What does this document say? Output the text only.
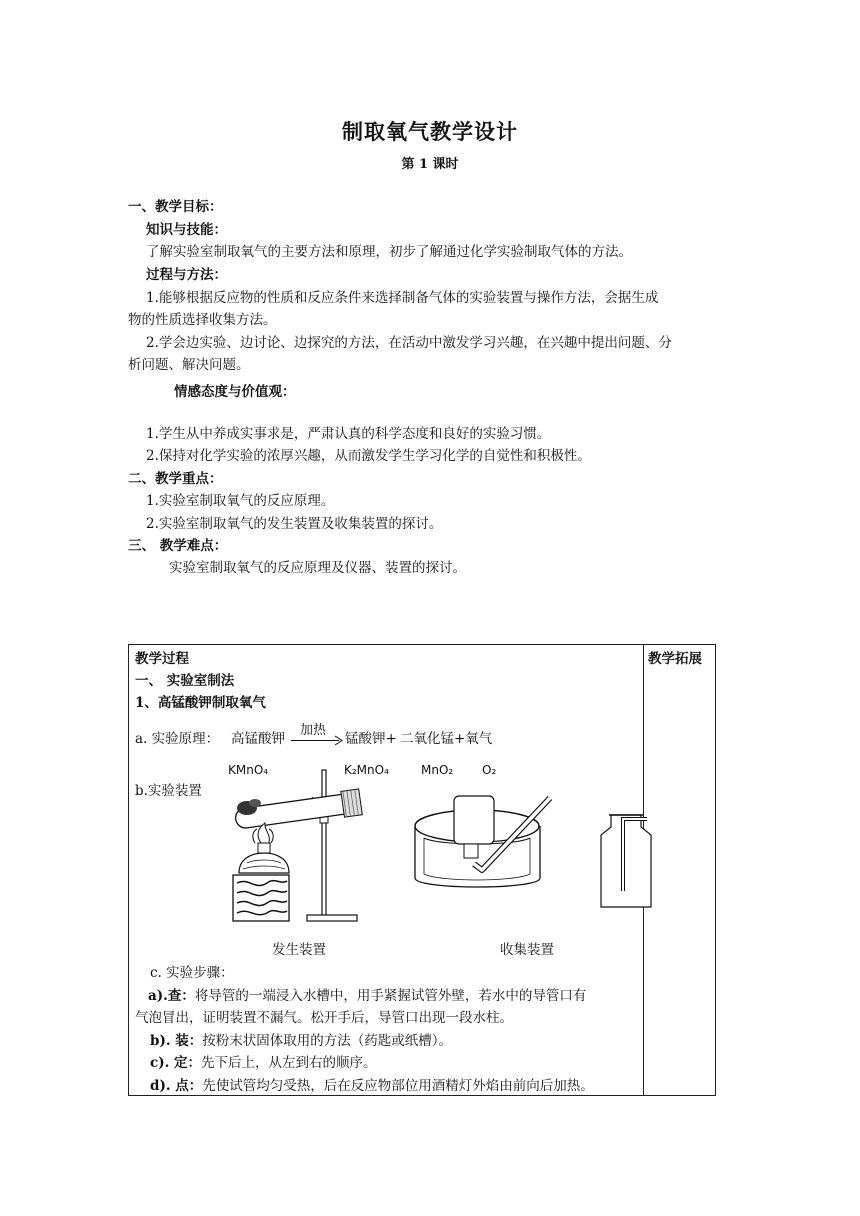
制取氧气教学设计
第 1 课时
一、教学目标：
知识与技能：
了解实验室制取氧气的主要方法和原理，初步了解通过化学实验制取气体的方法。
过程与方法：
1.能够根据反应物的性质和反应条件来选择制备气体的实验装置与操作方法，会据生成
物的性质选择收集方法。
2.学会边实验、边讨论、边探究的方法，在活动中激发学习兴趣，在兴趣中提出问题、分
析问题、解决问题。
情感态度与价值观：
1.学生从中养成实事求是，严肃认真的科学态度和良好的实验习惯。
2.保持对化学实验的浓厚兴趣，从而激发学生学习化学的自觉性和积极性。
二、教学重点：
1.实验室制取氧气的反应原理。
2.实验室制取氧气的发生装置及收集装置的探讨。
三、 教学难点：
实验室制取氧气的反应原理及仪器、装置的探讨。
教学过程	教学拓展
一、 实验室制法
1、高锰酸钾制取氧气
a. 实验原理： 高锰酸钾
加热
锰酸钾+ 二氧化锰+氧气
KMnO₄	K₂MnO₄	MnO₂ O₂
b.实验装置
发生装置	收集装置
c. 实验步骤：
a).查：将导管的一端浸入水槽中，用手紧握试管外壁，若水中的导管口有
气泡冒出，证明装置不漏气。松开手后，导管口出现一段水柱。
b). 装：按粉末状固体取用的方法（药匙或纸槽）。
c). 定：先下后上，从左到右的顺序。
d). 点：先使试管均匀受热，后在反应物部位用酒精灯外焰由前向后加热。
